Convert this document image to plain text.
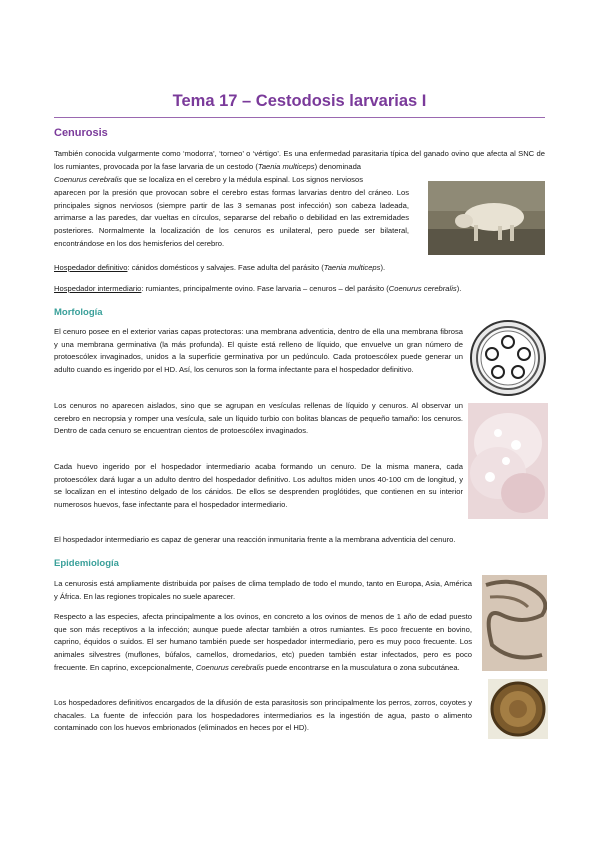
Tema 17 – Cestodosis larvarias I
Cenurosis

También conocida vulgarmente como ‘modorra’, ‘torneo’ o ‘vértigo’. Es una enfermedad parasitaria típica del ganado ovino que afecta al SNC de los rumiantes, provocada por la fase larvaria de un cestodo (Taenia multiceps) denominada

Coenurus cerebralis que se localiza en el cerebro y la médula espinal. Los signos nerviosos

aparecen por la presión que provocan sobre el cerebro estas formas larvarias dentro del cráneo. Los principales signos nerviosos (siempre partir de las 3 semanas post infección) son cabeza ladeada, arrimarse a las paredes, dar vueltas en círculos, separarse del rebaño o debilidad en las extremidades posteriores. Normalmente la localización de los cenuros es unilateral, pero puede ser bilateral, encontrándose en los dos hemisferios del cerebro.

Hospedador definitivo: cánidos domésticos y salvajes. Fase adulta del parásito (Taenia multiceps).

Hospedador intermediario: rumiantes, principalmente ovino. Fase larvaria – cenuros – del parásito (Coenurus cerebralis).

Morfología

El cenuro posee en el exterior varias capas protectoras: una membrana adventicia, dentro de ella una membrana fibrosa y una membrana germinativa (la más profunda). El quiste está relleno de líquido, que envuelve un gran número de protoescólex invaginados, unidos a la superficie germinativa por un pedúnculo. Cada protoescólex puede generar un adulto cuando es ingerido por el HD. Así, los cenuros son la forma infectante para el hospedador definitivo.

Los cenuros no aparecen aislados, sino que se agrupan en vesículas rellenas de líquido y cenuros. Al observar un cerebro en necropsia y romper una vesícula, sale un líquido turbio con bolitas blancas de pequeño tamaño: los cenuros. Dentro de cada cenuro se encuentran cientos de protoescólex invaginados.

Cada huevo ingerido por el hospedador intermediario acaba formando un cenuro. De la misma manera, cada protoescólex dará lugar a un adulto dentro del hospedador definitivo. Los adultos miden unos 40-100 cm de longitud, y se localizan en el intestino delgado de los cánidos. De ellos se desprenden proglótides, que contienen en su interior numerosos huevos, fase infectante para el hospedador intermediario.

El hospedador intermediario es capaz de generar una reacción inmunitaria frente a la membrana adventicia del cenuro.

Epidemiología

La cenurosis está ampliamente distribuida por países de clima templado de todo el mundo, tanto en Europa, Asia, América y África. En las regiones tropicales no suele aparecer.

Respecto a las especies, afecta principalmente a los ovinos, en concreto a los ovinos de menos de 1 año de edad puesto que son más receptivos a la infección; aunque puede afectar también a otros rumiantes. Es poco frecuente en bovino, caprino, équidos o suidos. El ser humano también puede ser hospedador intermediario, pero es muy poco frecuente. Los animales silvestres (muflones, búfalos, camellos, dromedarios, etc) pueden también estar infectados, pero es poco frecuente. En caprino, excepcionalmente, Coenurus cerebralis puede encontrarse en la musculatura o zona subcutánea.

Los hospedadores definitivos encargados de la difusión de esta parasitosis son principalmente los perros, zorros, coyotes y chacales. La fuente de infección para los hospedadores intermediarios es la ingestión de agua, pasto o alimento contaminado con los huevos embrionados (eliminados en heces por el HD).
